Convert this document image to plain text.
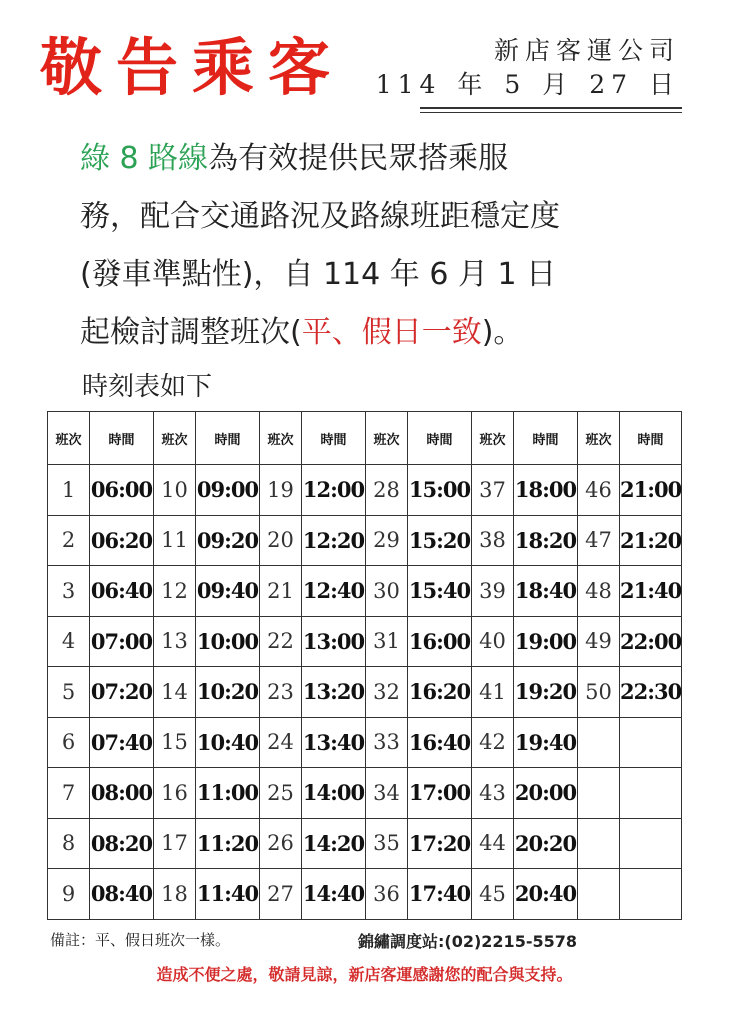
敬告乘客	新店客運公司
114 年 5 月 27 日
綠 8 路線為有效提供民眾搭乘服
務，配合交通路況及路線班距穩定度
(發車準點性)，自 114 年 6 月 1 日
起檢討調整班次(平、假日一致)。
時刻表如下
班次	時間	班次	時間	班次	時間	班次	時間	班次	時間	班次	時間
1	06:00	10	09:00	19	12:00	28	15:00	37	18:00	46	21:00
2	06:20	11	09:20	20	12:20	29	15:20	38	18:20	47	21:20
3	06:40	12	09:40	21	12:40	30	15:40	39	18:40	48	21:40
4	07:00	13	10:00	22	13:00	31	16:00	40	19:00	49	22:00
5	07:20	14	10:20	23	13:20	32	16:20	41	19:20	50	22:30
6	07:40	15	10:40	24	13:40	33	16:40	42	19:40		
7	08:00	16	11:00	25	14:00	34	17:00	43	20:00		
8	08:20	17	11:20	26	14:20	35	17:20	44	20:20		
9	08:40	18	11:40	27	14:40	36	17:40	45	20:40		
備註：平、假日班次一樣。	錦繡調度站:(02)2215-5578
造成不便之處，敬請見諒，新店客運感謝您的配合與支持。
